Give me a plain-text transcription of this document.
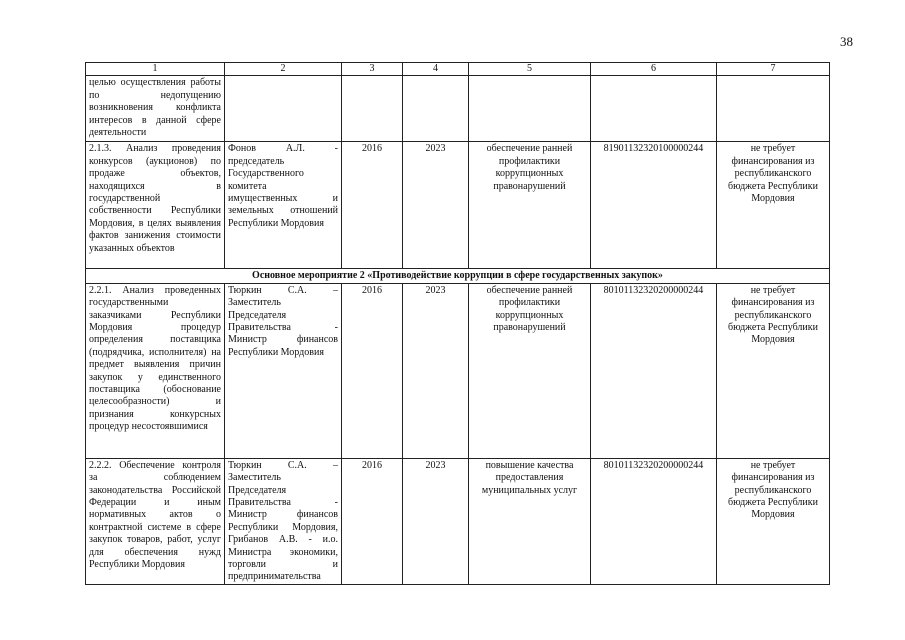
38
1	2	3	4	5	6	7
целью осуществления работы по недопущению возникновения конфликта интересов в данной сфере деятельности						
2.1.3. Анализ проведения конкурсов (аукционов) по продаже объектов, находящихся в государственной собственности Республики Мордовия, в целях выявления фактов занижения стоимости указанных объектов	Фонов А.Л. - председатель Государственного комитета имущественных и земельных отношений Республики Мордовия	2016	2023	обеспечение ранней профилактики коррупционных правонарушений	81901132320100000244	не требует финансирования из республиканского бюджета Республики Мордовия
Основное мероприятие 2 «Противодействие коррупции в сфере государственных закупок»						
2.2.1. Анализ проведенных государственными заказчиками Республики Мордовия процедур определения поставщика (подрядчика, исполнителя) на предмет выявления причин закупок у единственного поставщика (обоснование целесообразности) и признания конкурсных процедур несостоявшимися	Тюркин С.А. – Заместитель Председателя Правительства - Министр финансов Республики Мордовия	2016	2023	обеспечение ранней профилактики коррупционных правонарушений	80101132320200000244	не требует финансирования из республиканского бюджета Республики Мордовия
2.2.2. Обеспечение контроля за соблюдением законодательства Российской Федерации и иным нормативных актов о контрактной системе в сфере закупок товаров, работ, услуг для обеспечения нужд Республики Мордовия	Тюркин С.А. – Заместитель Председателя Правительства - Министр финансов Республики Мордовия, Грибанов А.В. - и.о. Министра экономики, торговли и предпринимательства	2016	2023	повышение качества предоставления муниципальных услуг	80101132320200000244	не требует финансирования из республиканского бюджета Республики Мордовия
